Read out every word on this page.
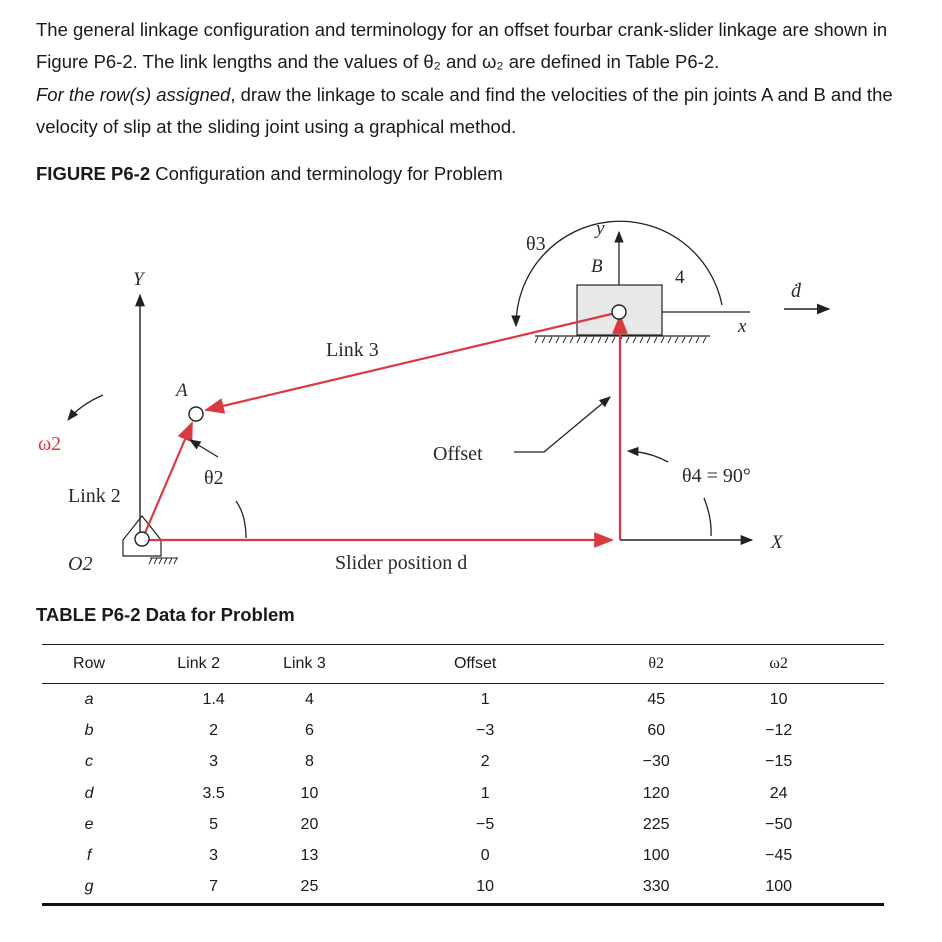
The general linkage configuration and terminology for an offset fourbar crank-slider linkage are shown in Figure P6-2. The link lengths and the values of θ₂ and ω₂ are defined in Table P6-2.
For the row(s) assigned, draw the linkage to scale and find the velocities of the pin joints A and B and the velocity of slip at the sliding joint using a graphical method.

FIGURE P6-2 Configuration and terminology for Problem

θ3
y
B
4
ḋ
x
Y
Link 3
A
ω2	Offset
θ2	θ4 = 90°
Link 2
X
O2	Slider position d

TABLE P6-2 Data for Problem

Row	Link 2	Link 3	Offset	θ2	ω2	
a	1.4	4	1	45	10	
b	2	6	−3	60	−12	
c	3	8	2	−30	−15	
d	3.5	10	1	120	24	
e	5	20	−5	225	−50	
f	3	13	0	100	−45	
g	7	25	10	330	100	
